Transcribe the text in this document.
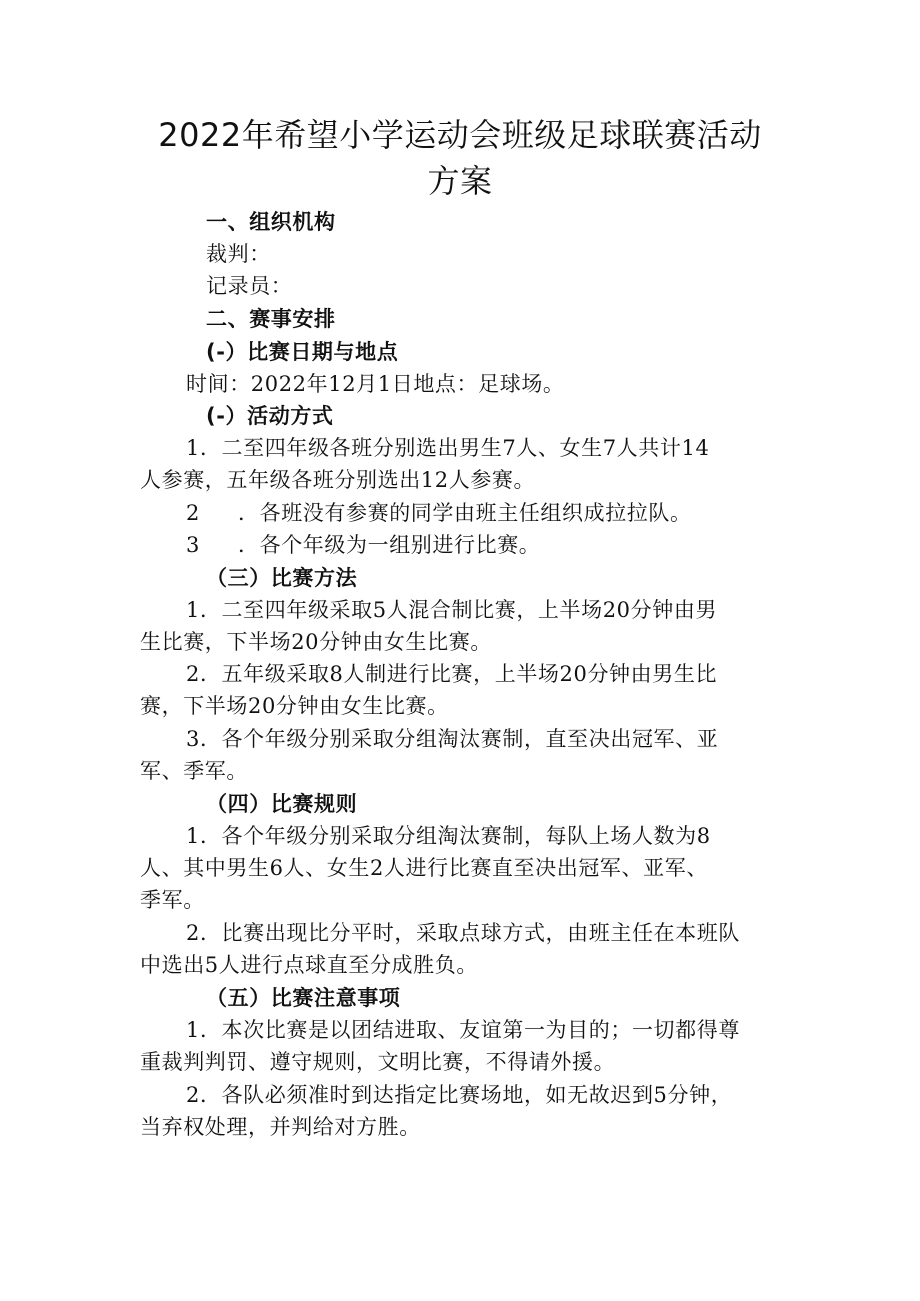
2022年希望小学运动会班级足球联赛活动
方案
一、组织机构
裁判：
记录员：
二、赛事安排
(-）比赛日期与地点
时间：2022年12月1日地点：足球场。
(-）活动方式
1．二至四年级各班分别选出男生7人、女生7人共计14
人参赛，五年级各班分别选出12人参赛。
2 ．各班没有参赛的同学由班主任组织成拉拉队。
3 ．各个年级为一组别进行比赛。
（三）比赛方法
1．二至四年级采取5人混合制比赛，上半场20分钟由男
生比赛，下半场20分钟由女生比赛。
2．五年级采取8人制进行比赛，上半场20分钟由男生比
赛，下半场20分钟由女生比赛。
3．各个年级分别采取分组淘汰赛制，直至决出冠军、亚
军、季军。
（四）比赛规则
1．各个年级分别采取分组淘汰赛制，每队上场人数为8
人、其中男生6人、女生2人进行比赛直至决出冠军、亚军、
季军。
2．比赛出现比分平时，采取点球方式，由班主任在本班队
中选出5人进行点球直至分成胜负。
（五）比赛注意事项
1．本次比赛是以团结进取、友谊第一为目的；一切都得尊
重裁判判罚、遵守规则，文明比赛，不得请外援。
2．各队必须准时到达指定比赛场地，如无故迟到5分钟，
当弃权处理，并判给对方胜。
